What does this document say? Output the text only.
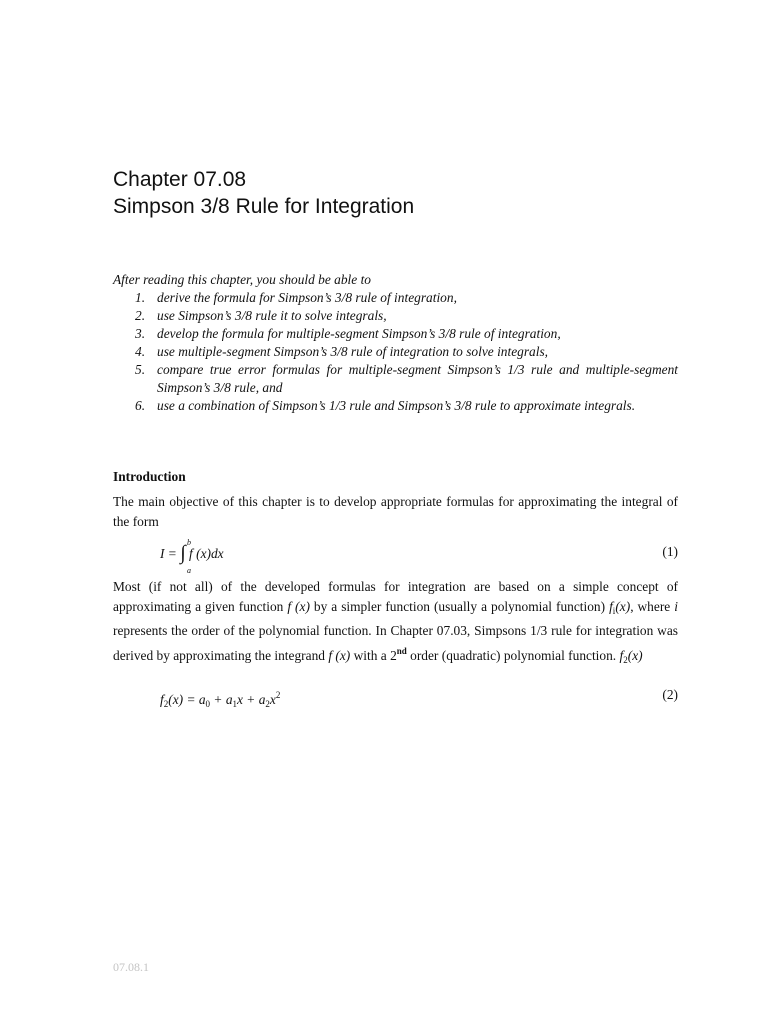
Chapter 07.08
Simpson 3/8 Rule for Integration
After reading this chapter, you should be able to
1. derive the formula for Simpson’s 3/8 rule of integration,
2. use Simpson’s 3/8 rule it to solve integrals,
3. develop the formula for multiple-segment Simpson’s 3/8 rule of integration,
4. use multiple-segment Simpson’s 3/8 rule of integration to solve integrals,
5. compare true error formulas for multiple-segment Simpson’s 1/3 rule and multiple-segment Simpson’s 3/8 rule, and
6. use a combination of Simpson’s 1/3 rule and Simpson’s 3/8 rule to approximate integrals.
Introduction
The main objective of this chapter is to develop appropriate formulas for approximating the integral of the form
I = ∫ b
a
f (x)dx	(1)
Most (if not all) of the developed formulas for integration are based on a simple concept of approximating a given function f (x) by a simpler function (usually a polynomial function) $f_i(x)$, where i represents the order of the polynomial function. In Chapter 07.03, Simpsons 1/3 rule for integration was derived by approximating the integrand f (x) with a 2nd order (quadratic) polynomial function. $f_2(x)$
$f_2(x) = a_0 + a_1x + a_2x^2$	(2)
07.08.1
